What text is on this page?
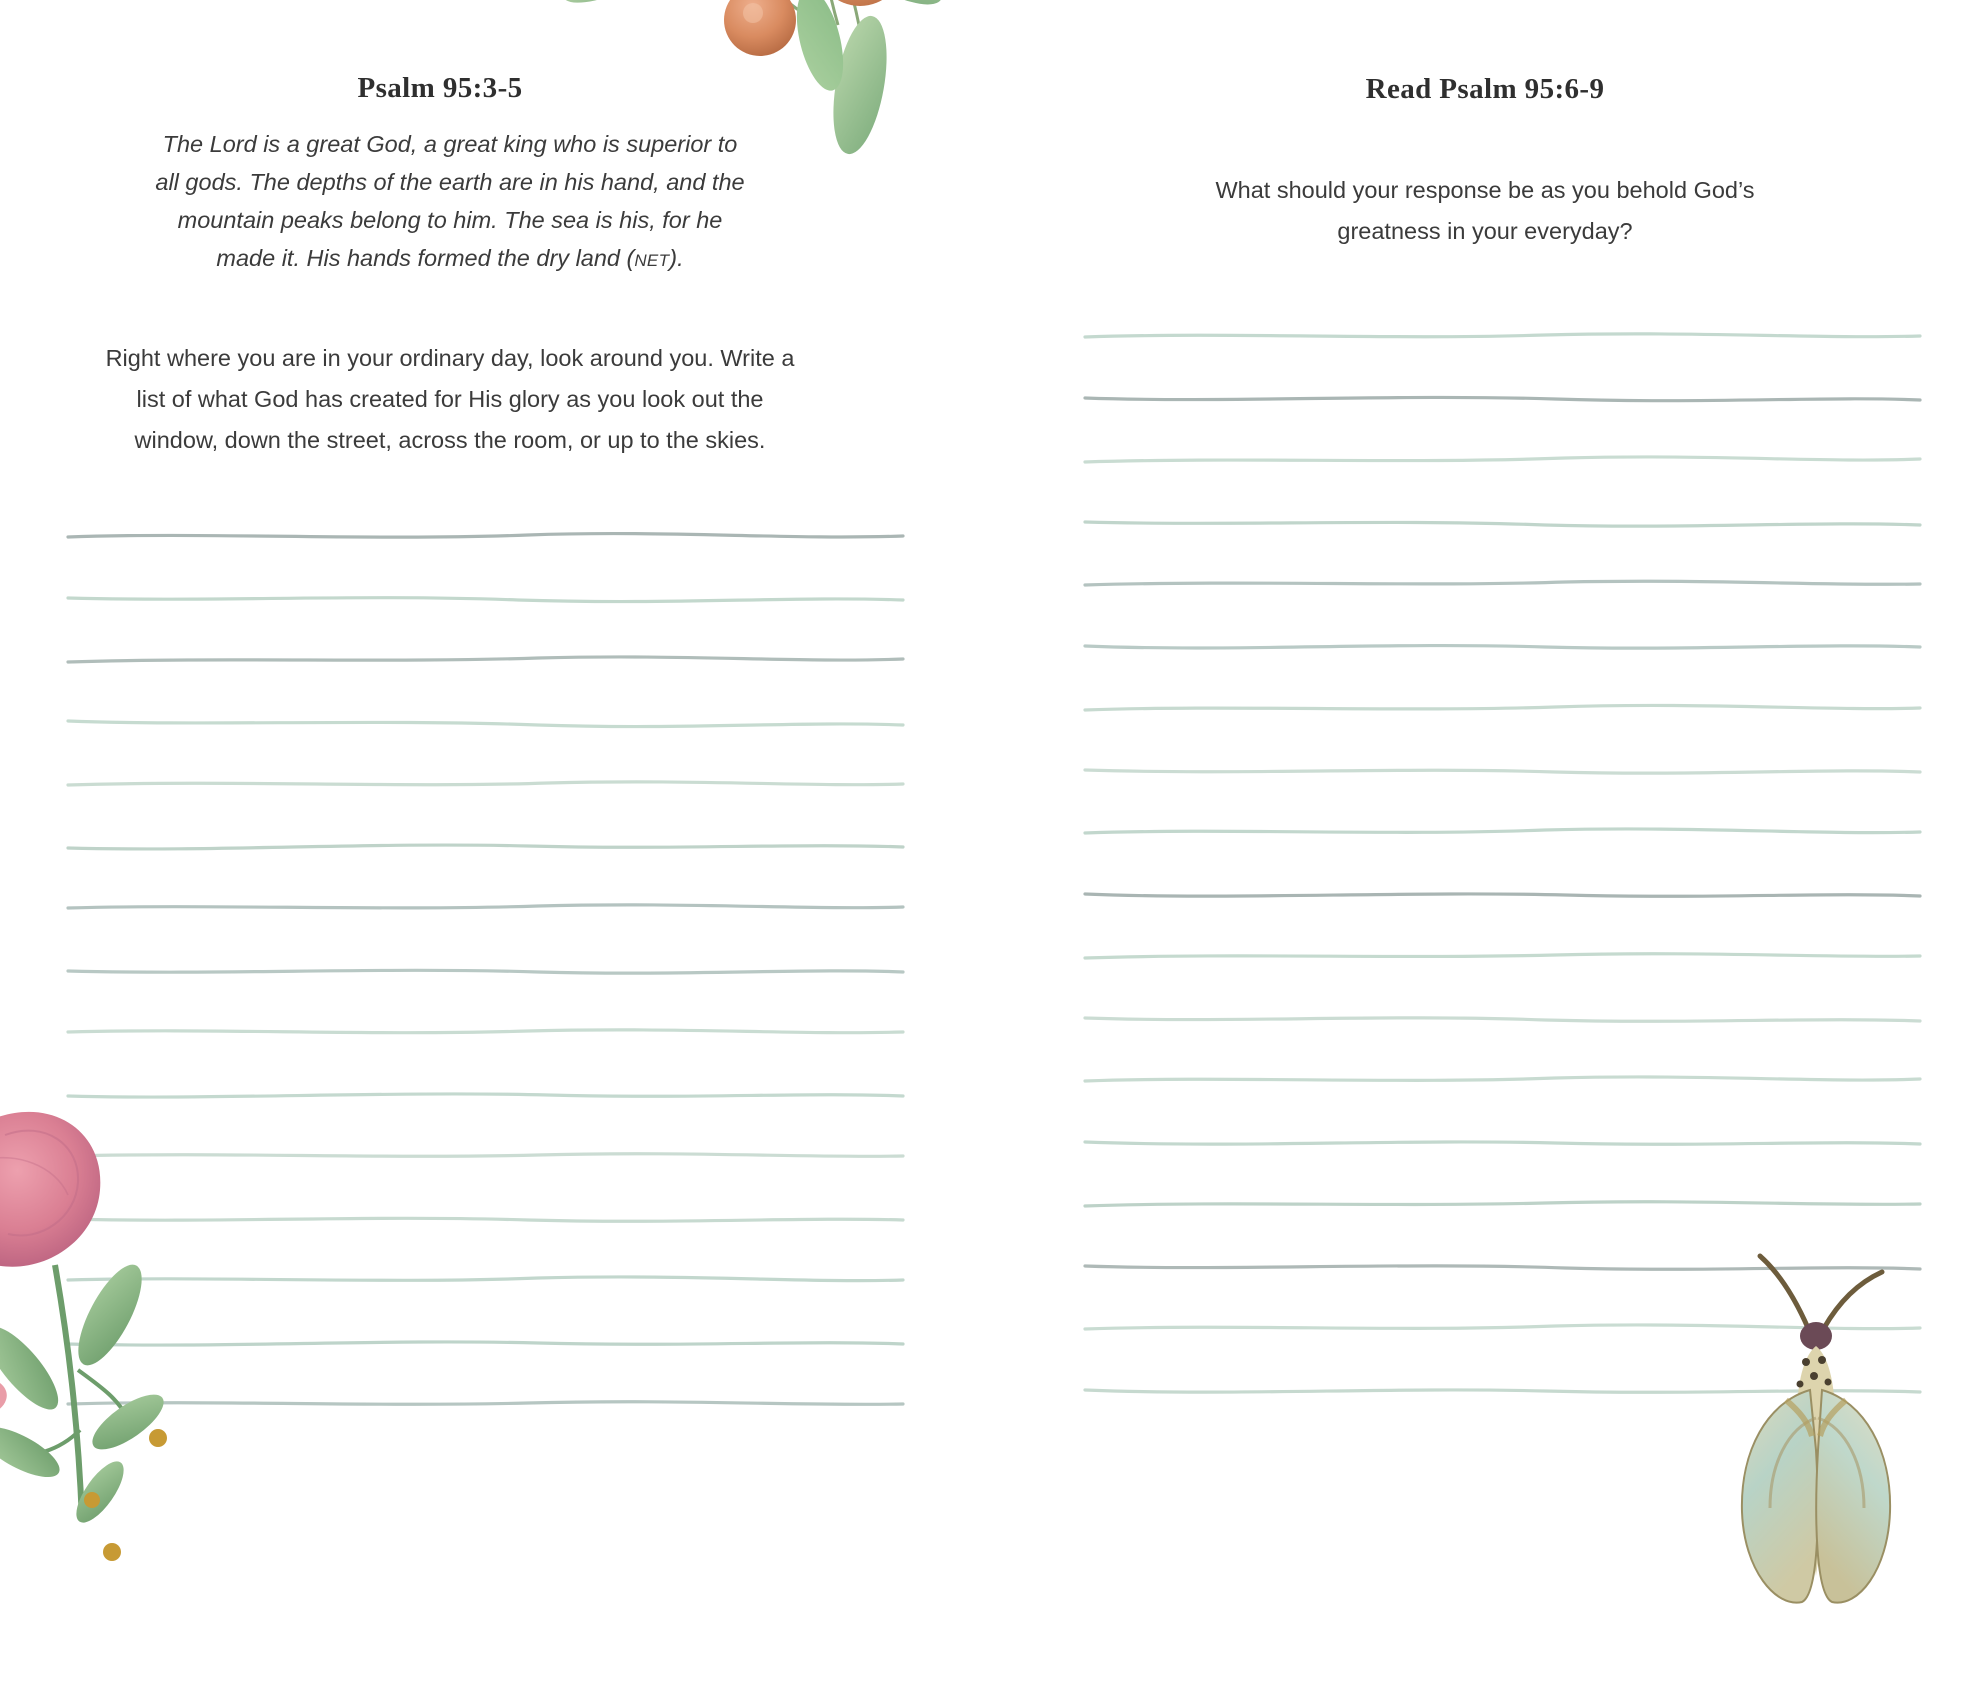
Psalm 95:3-5
The Lord is a great God, a great king who is superior to all gods. The depths of the earth are in his hand, and the mountain peaks belong to him. The sea is his, for he made it. His hands formed the dry land (NET).
Right where you are in your ordinary day, look around you. Write a list of what God has created for His glory as you look out the window, down the street, across the room, or up to the skies.
Read Psalm 95:6-9
What should your response be as you behold God’s greatness in your everyday?
